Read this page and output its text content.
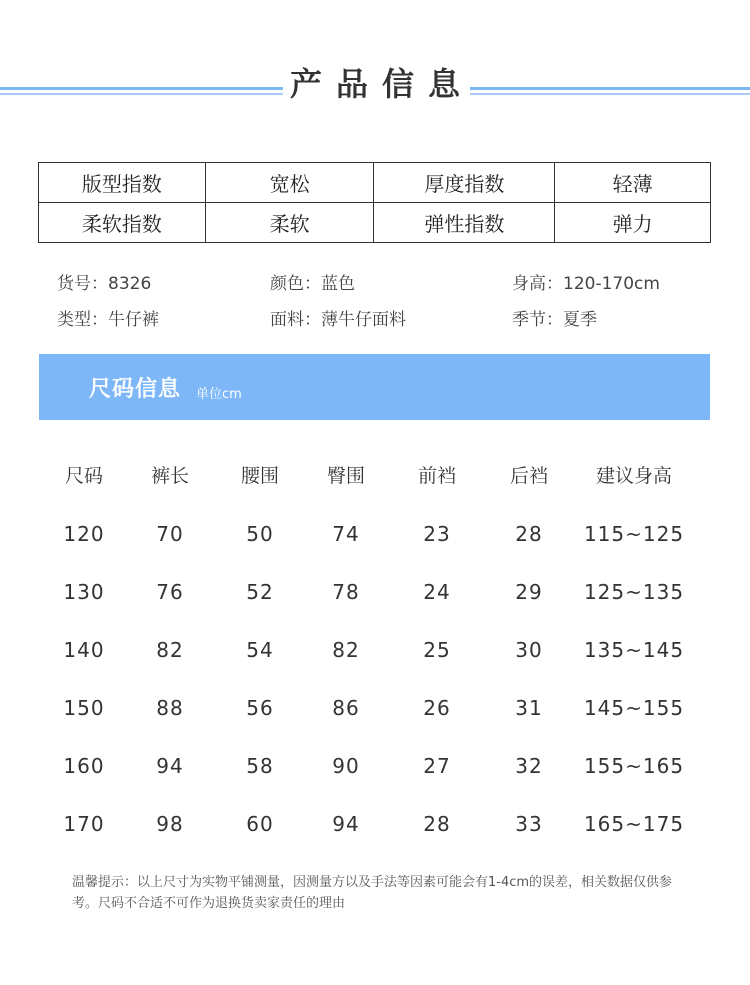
产品信息
版型指数	宽松	厚度指数	轻薄
柔软指数	柔软	弹性指数	弹力
货号：8326	颜色：蓝色	身高：120-170cm
类型：牛仔裤	面料：薄牛仔面料	季节：夏季
尺码信息 单位cm
尺码	裤长	腰围	臀围	前裆	后裆	建议身高
120	70	50	74	23	28 115~125
130	76	52	78	24	29 125~135
140	82	54	82	25	30 135~145
150	88	56	86	26	31 145~155
160	94	58	90	27	32 155~165
170	98	60	94	28	33 165~175
温馨提示：以上尺寸为实物平铺测量，因测量方以及手法等因素可能会有1-4cm的误差，相关数据仅供参考。尺码不合适不可作为退换货卖家责任的理由
